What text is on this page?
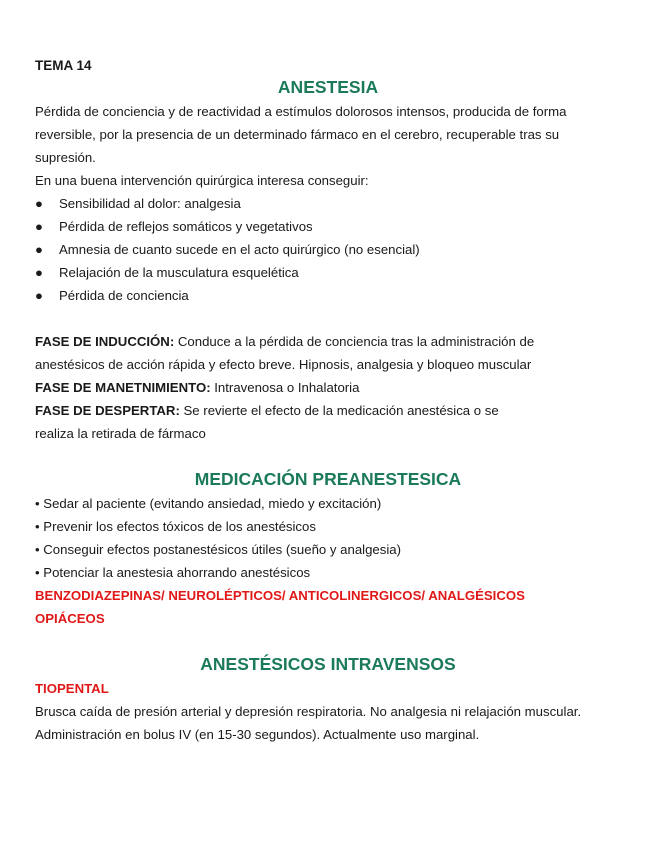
TEMA 14
ANESTESIA
Pérdida de conciencia y de reactividad a estímulos dolorosos intensos, producida de forma
reversible, por la presencia de un determinado fármaco en el cerebro, recuperable tras su
supresión.
En una buena intervención quirúrgica interesa conseguir:
● Sensibilidad al dolor: analgesia
● Pérdida de reflejos somáticos y vegetativos
● Amnesia de cuanto sucede en el acto quirúrgico (no esencial)
● Relajación de la musculatura esquelética
● Pérdida de conciencia
FASE DE INDUCCIÓN: Conduce a la pérdida de conciencia tras la administración de
anestésicos de acción rápida y efecto breve. Hipnosis, analgesia y bloqueo muscular
FASE DE MANETNIMIENTO: Intravenosa o Inhalatoria
FASE DE DESPERTAR: Se revierte el efecto de la medicación anestésica o se
realiza la retirada de fármaco
MEDICACIÓN PREANESTESICA
• Sedar al paciente (evitando ansiedad, miedo y excitación)
• Prevenir los efectos tóxicos de los anestésicos
• Conseguir efectos postanestésicos útiles (sueño y analgesia)
• Potenciar la anestesia ahorrando anestésicos
BENZODIAZEPINAS/ NEUROLÉPTICOS/ ANTICOLINERGICOS/ ANALGÉSICOS
OPIÁCEOS
ANESTÉSICOS INTRAVENSOS
TIOPENTAL
Brusca caída de presión arterial y depresión respiratoria. No analgesia ni relajación muscular.
Administración en bolus IV (en 15-30 segundos). Actualmente uso marginal.
